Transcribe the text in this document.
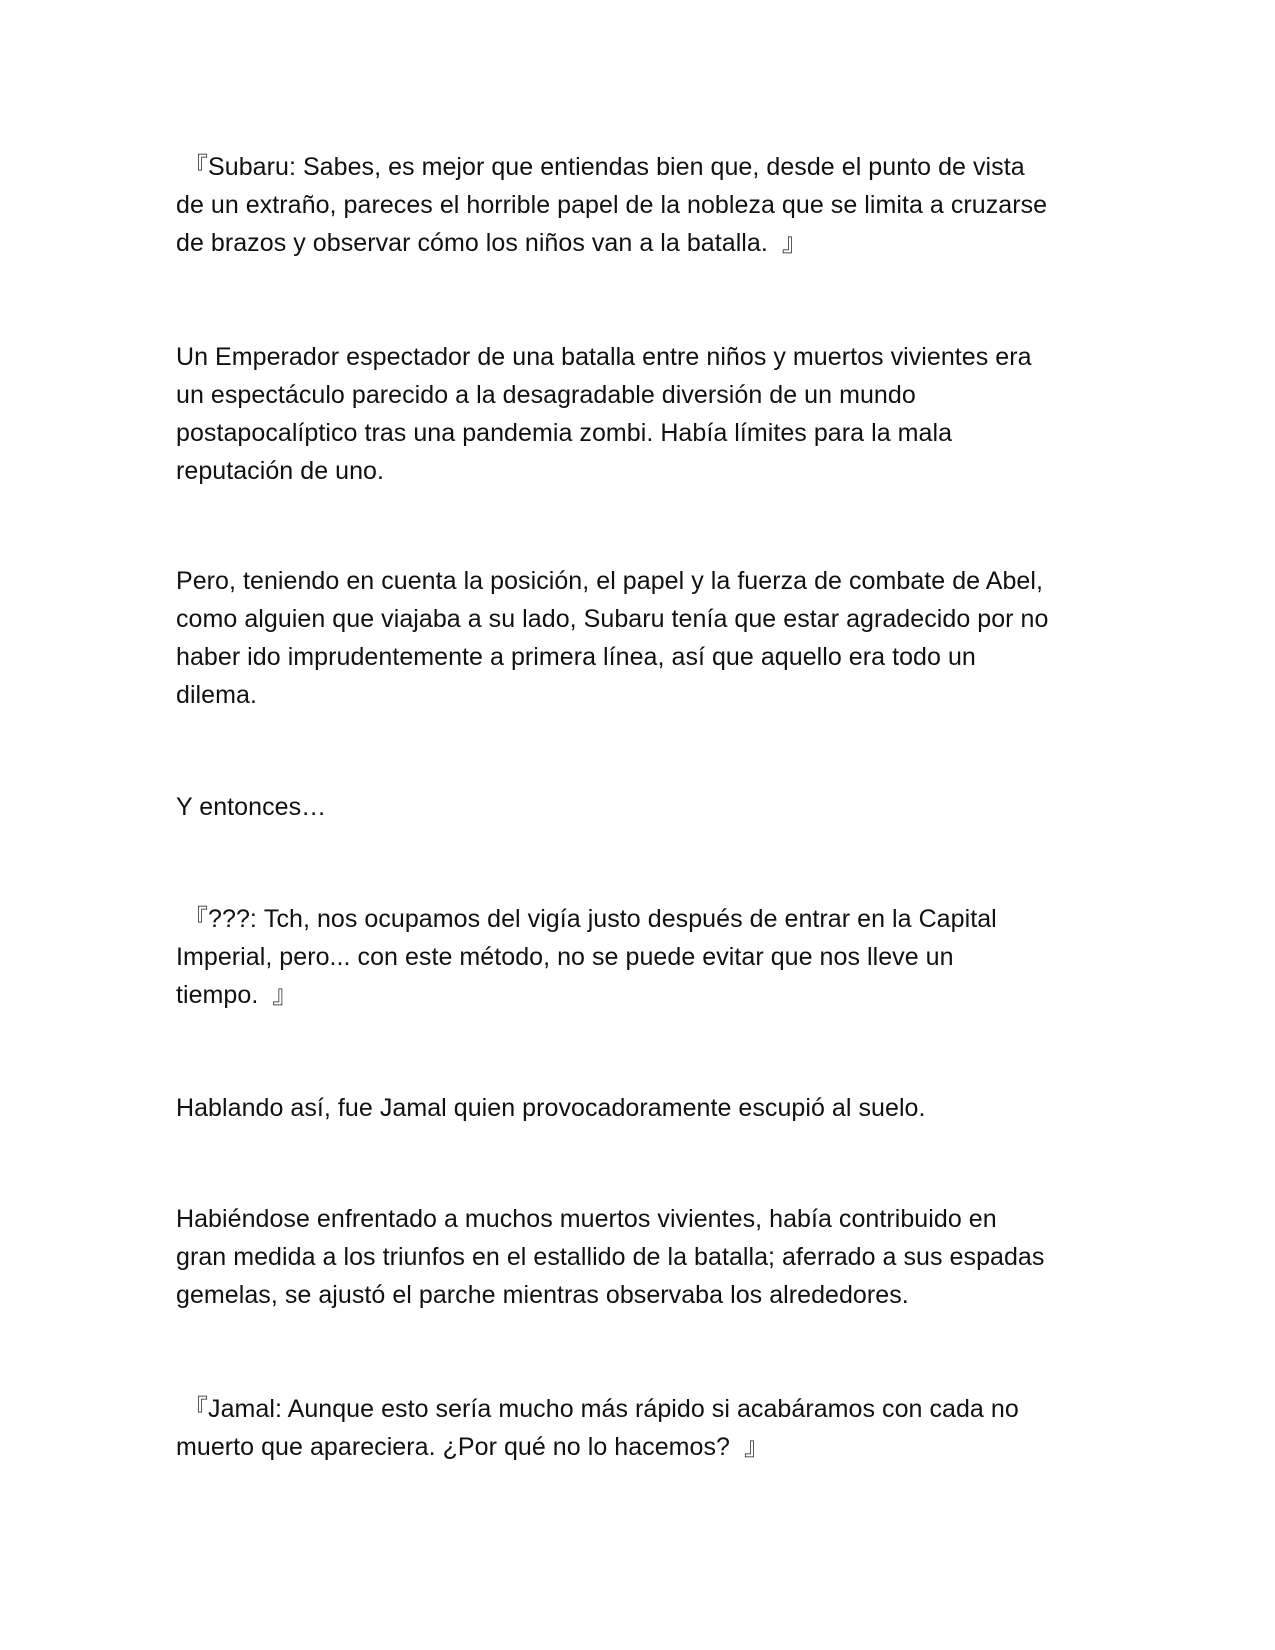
『Subaru: Sabes, es mejor que entiendas bien que, desde el punto de vista
de un extraño, pareces el horrible papel de la nobleza que se limita a cruzarse
de brazos y observar cómo los niños van a la batalla.  』

Un Emperador espectador de una batalla entre niños y muertos vivientes era
un espectáculo parecido a la desagradable diversión de un mundo
postapocalíptico tras una pandemia zombi. Había límites para la mala
reputación de uno.

Pero, teniendo en cuenta la posición, el papel y la fuerza de combate de Abel,
como alguien que viajaba a su lado, Subaru tenía que estar agradecido por no
haber ido imprudentemente a primera línea, así que aquello era todo un
dilema.

Y entonces…

『???: Tch, nos ocupamos del vigía justo después de entrar en la Capital
Imperial, pero... con este método, no se puede evitar que nos lleve un
tiempo.  』

Hablando así, fue Jamal quien provocadoramente escupió al suelo.

Habiéndose enfrentado a muchos muertos vivientes, había contribuido en
gran medida a los triunfos en el estallido de la batalla; aferrado a sus espadas
gemelas, se ajustó el parche mientras observaba los alrededores.

『Jamal: Aunque esto sería mucho más rápido si acabáramos con cada no
muerto que apareciera. ¿Por qué no lo hacemos?  』
